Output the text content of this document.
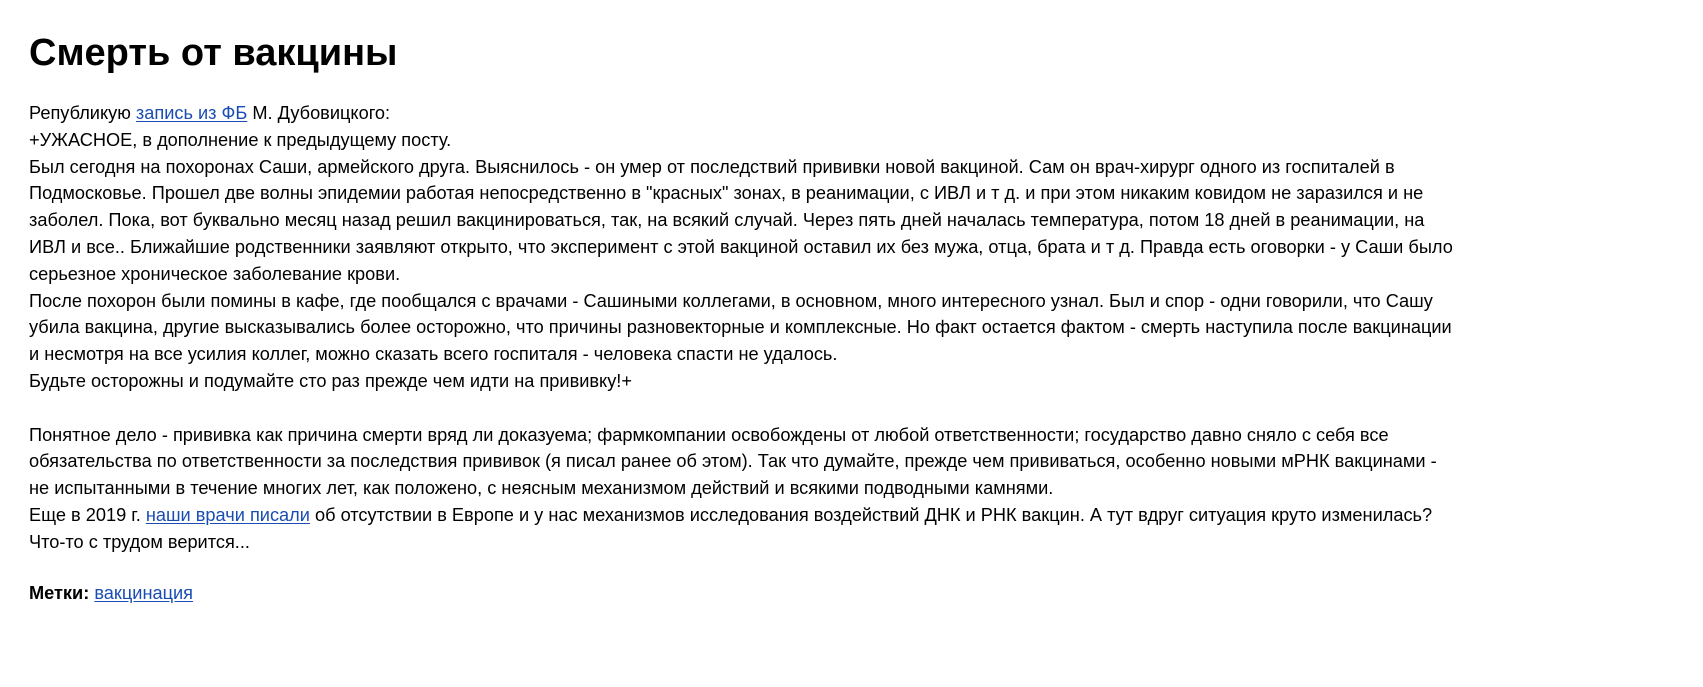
Смерть от вакцины
Републикую запись из ФБ М. Дубовицкого:
+УЖАСНОЕ, в дополнение к предыдущему посту.
Был сегодня на похоронах Саши, армейского друга. Выяснилось - он умер от последствий прививки новой вакциной. Сам он врач-хирург одного из госпиталей в
Подмосковье. Прошел две волны эпидемии работая непосредственно в "красных" зонах, в реанимации, с ИВЛ и т д. и при этом никаким ковидом не заразился и не
заболел. Пока, вот буквально месяц назад решил вакцинироваться, так, на всякий случай. Через пять дней началась температура, потом 18 дней в реанимации, на
ИВЛ и все.. Ближайшие родственники заявляют открыто, что эксперимент с этой вакциной оставил их без мужа, отца, брата и т д. Правда есть оговорки - у Саши было
серьезное хроническое заболевание крови.
После похорон были помины в кафе, где пообщался с врачами - Сашиными коллегами, в основном, много интересного узнал. Был и спор - одни говорили, что Сашу
убила вакцина, другие высказывались более осторожно, что причины разновекторные и комплексные. Но факт остается фактом - смерть наступила после вакцинации
и несмотря на все усилия коллег, можно сказать всего госпиталя - человека спасти не удалось.
Будьте осторожны и подумайте сто раз прежде чем идти на прививку!+
Понятное дело - прививка как причина смерти вряд ли доказуема; фармкомпании освобождены от любой ответственности; государство давно сняло с себя все
обязательства по ответственности за последствия прививок (я писал ранее об этом). Так что думайте, прежде чем прививаться, особенно новыми мРНК вакцинами -
не испытанными в течение многих лет, как положено, с неясным механизмом действий и всякими подводными камнями.
Еще в 2019 г. наши врачи писали об отсутствии в Европе и у нас механизмов исследования воздействий ДНК и РНК вакцин. А тут вдруг ситуация круто изменилась?
Что-то с трудом верится...
Метки: вакцинация
